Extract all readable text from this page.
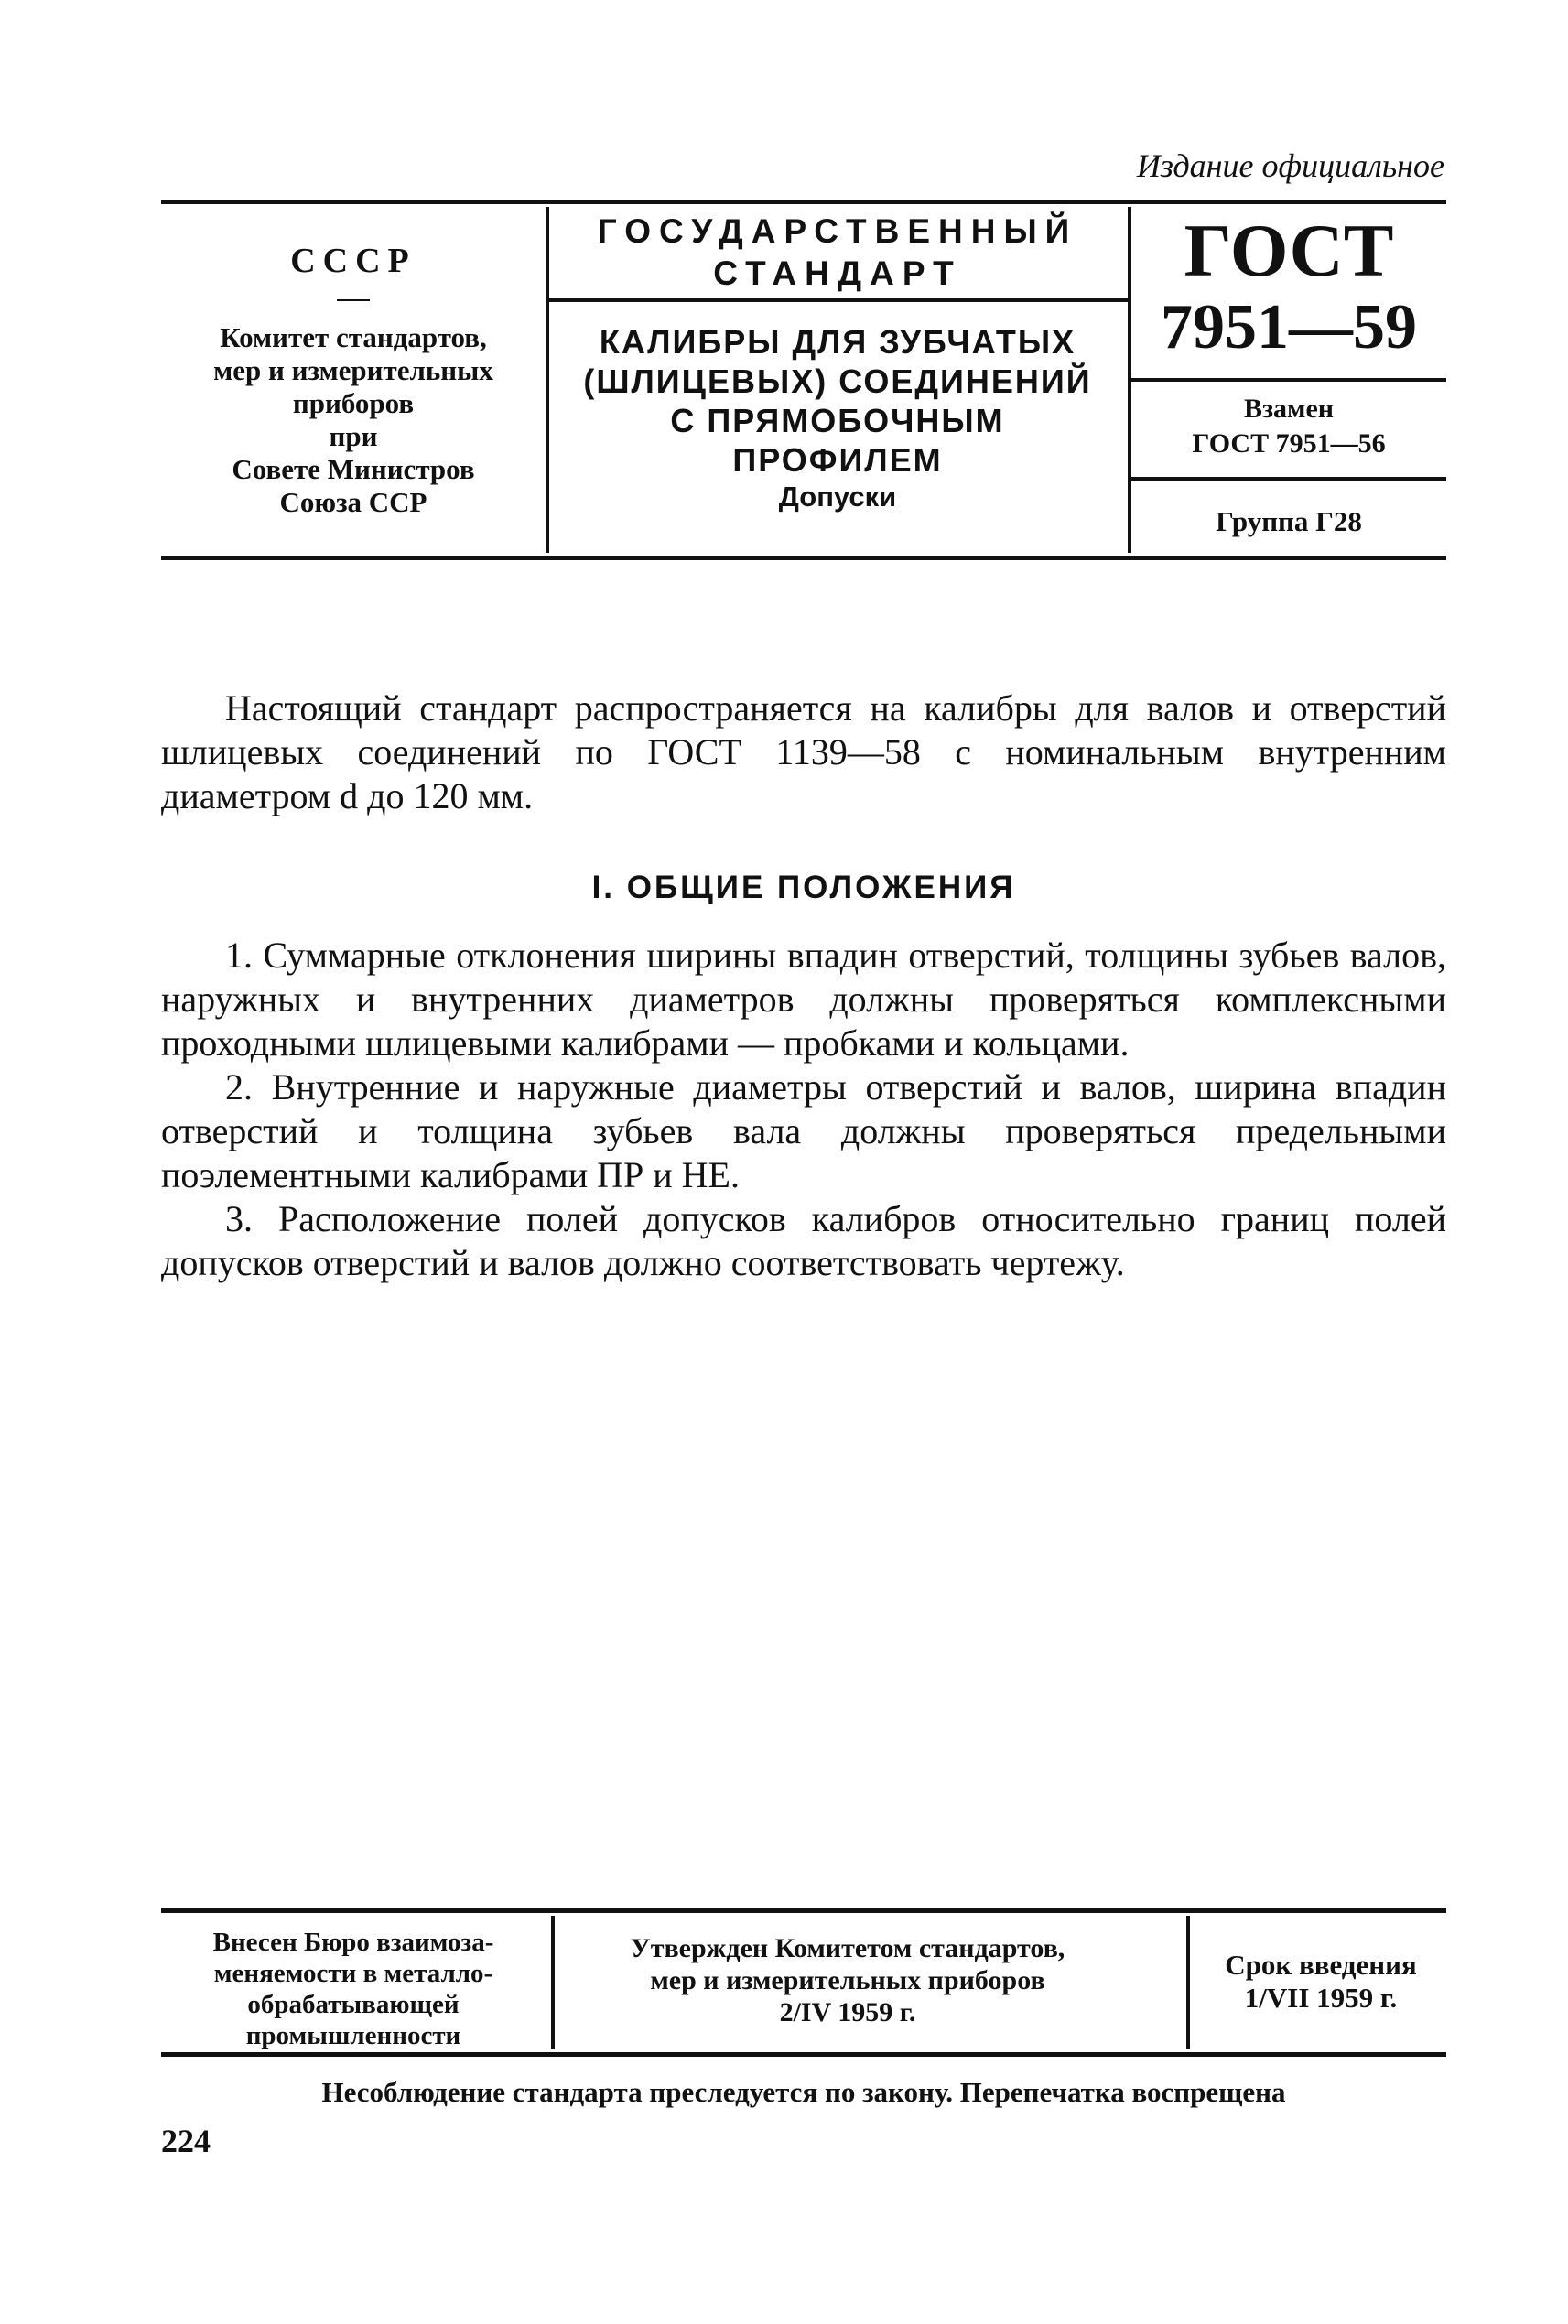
Издание официальное
СССР
Комитет стандартов,
мер и измерительных
приборов
при
Совете Министров
Союза ССР
ГОСУДАРСТВЕННЫЙ
СТАНДАРТ
КАЛИБРЫ ДЛЯ ЗУБЧАТЫХ
(ШЛИЦЕВЫХ) СОЕДИНЕНИЙ
С ПРЯМОБОЧНЫМ
ПРОФИЛЕМ
Допуски
ГОСТ
7951—59
Взамен
ГОСТ 7951—56
Группа Г28
Настоящий стандарт распространяется на калибры для валов и отверстий шлицевых соединений по ГОСТ 1139—58 с номинальным внутренним диаметром d до 120 мм.
I. ОБЩИЕ ПОЛОЖЕНИЯ

1. Суммарные отклонения ширины впадин отверстий, толщины зубьев валов, наружных и внутренних диаметров должны проверяться комплексными проходными шлицевыми калибрами — пробками и кольцами.

2. Внутренние и наружные диаметры отверстий и валов, ширина впадин отверстий и толщина зубьев вала должны проверяться предельными поэлементными калибрами ПР и НЕ.

3. Расположение полей допусков калибров относительно границ полей допусков отверстий и валов должно соответствовать чертежу.

Внесен Бюро взаимоза-
меняемости в металло-
обрабатывающей
промышленности
Утвержден Комитетом стандартов,
мер и измерительных приборов
2/IV 1959 г.
Срок введения
1/VII 1959 г.
Несоблюдение стандарта преследуется по закону. Перепечатка воспрещена
224
